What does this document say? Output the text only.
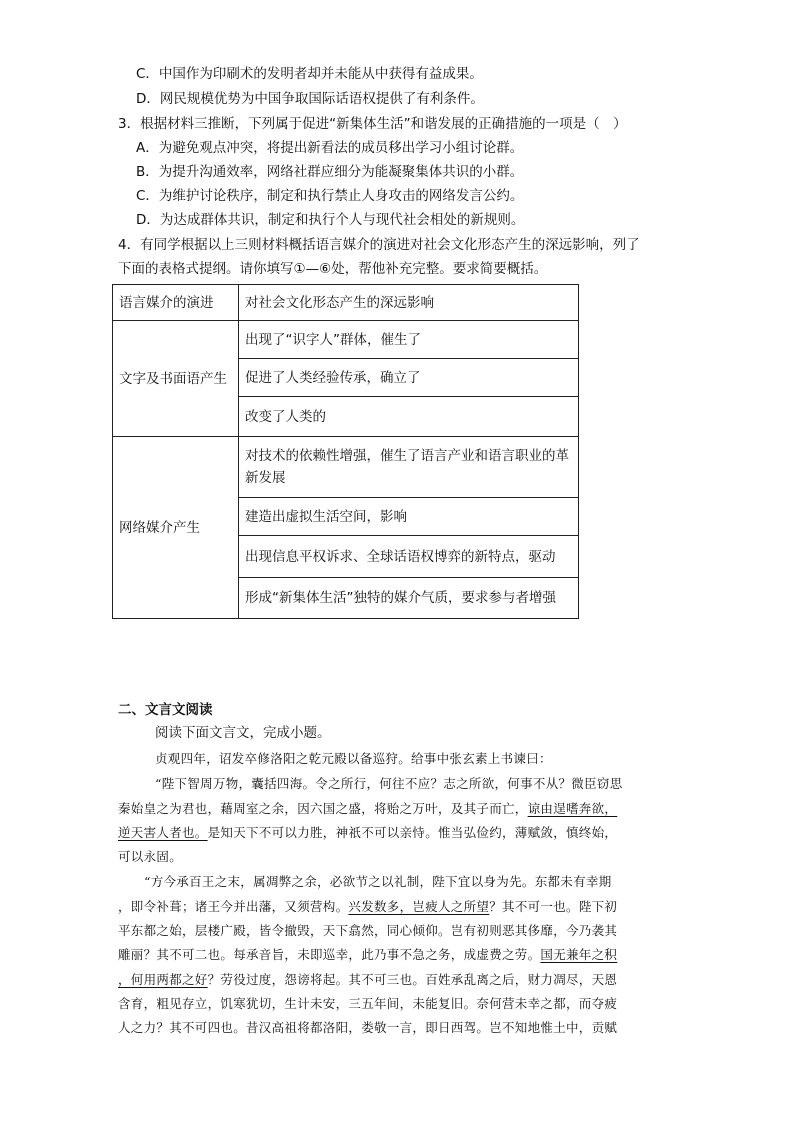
C．中国作为印刷术的发明者却并未能从中获得有益成果。
D．网民规模优势为中国争取国际话语权提供了有利条件。
3．根据材料三推断，下列属于促进“新集体生活”和谐发展的正确措施的一项是（　）
A．为避免观点冲突，将提出新看法的成员移出学习小组讨论群。
B．为提升沟通效率，网络社群应细分为能凝聚集体共识的小群。
C．为维护讨论秩序，制定和执行禁止人身攻击的网络发言公约。
D．为达成群体共识，制定和执行个人与现代社会相处的新规则。
4．有同学根据以上三则材料概括语言媒介的演进对社会文化形态产生的深远影响，列了
下面的表格式提纲。请你填写①—⑥处，帮他补充完整。要求简要概括。
语言媒介的演进	对社会文化形态产生的深远影响
文字及书面语产生	出现了“识字人”群体，催生了
	促进了人类经验传承，确立了
	改变了人类的
网络媒介产生	对技术的依赖性增强，催生了语言产业和语言职业的革新发展
	建造出虚拟生活空间，影响
	出现信息平权诉求、全球话语权博弈的新特点，驱动
	形成“新集体生活”独特的媒介气质，要求参与者增强
二、文言文阅读
阅读下面文言文，完成小题。
贞观四年，诏发卒修洛阳之乾元殿以备巡狩。给事中张玄素上书谏曰：
“陛下智周万物，囊括四海。令之所行，何往不应？志之所欲，何事不从？微臣窃思
秦始皇之为君也，藉周室之余，因六国之盛，将贻之万叶，及其子而亡，谅由逞嗜奔欲，
逆天害人者也。是知天下不可以力胜，神祇不可以亲恃。惟当弘俭约，薄赋敛，慎终始，
可以永固。
“方今承百王之末，属凋弊之余，必欲节之以礼制，陛下宜以身为先。东都未有幸期
，即令补葺；诸王今并出藩，又须营构。兴发数多，岂疲人之所望？其不可一也。陛下初
平东都之始，层楼广殿，皆令撤毁，天下翕然，同心倾仰。岂有初则恶其侈靡，今乃袭其
雕丽？其不可二也。每承音旨，未即巡幸，此乃事不急之务，成虚费之劳。国无兼年之积
，何用两都之好？劳役过度，怨谤将起。其不可三也。百姓承乱离之后，财力凋尽，天恩
含育，粗见存立，饥寒犹切，生计未安，三五年间，未能复旧。奈何营未幸之都，而夺疲
人之力？其不可四也。昔汉高祖将都洛阳，娄敬一言，即日西驾。岂不知地惟土中，贡赋
